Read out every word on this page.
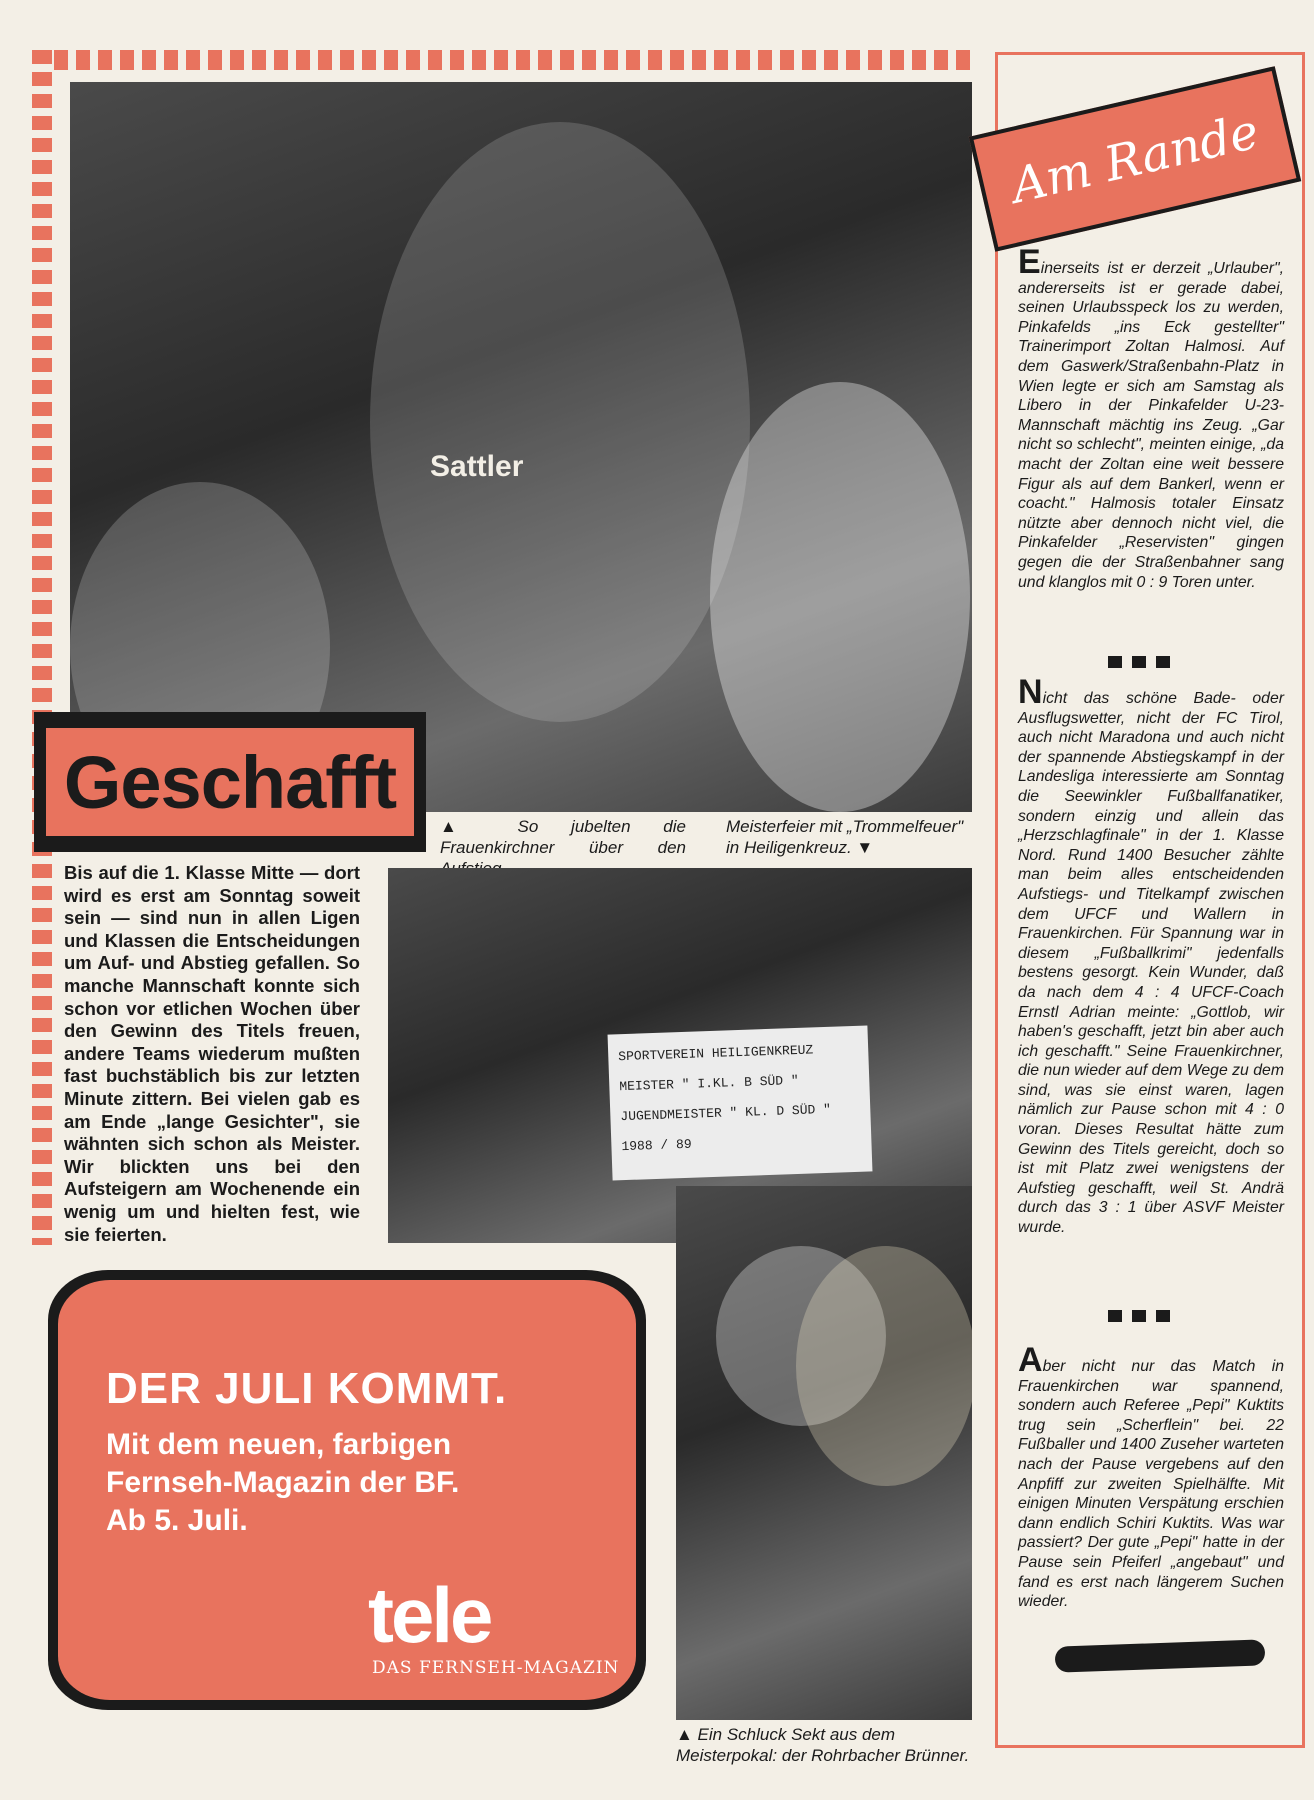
Sattler
Geschafft
▲ So jubelten die Frauenkirchner über den
Meisterfeier mit „Trommelfeuer" in Heiligenkreuz. ▼
Bis auf die 1. Klasse Mitte — dort wird es erst am Sonntag soweit sein — sind nun in allen Ligen und Klassen die Entscheidungen um Auf- und Abstieg gefallen. So manche Mannschaft konnte sich schon vor etlichen Wochen über den Gewinn des Titels freuen, andere Teams wiederum mußten fast buchstäblich bis zur letzten Minute zittern. Bei vielen gab es am Ende „lange Gesichter", sie wähnten sich schon als Meister. Wir blickten uns bei den Aufsteigern am Wochenende ein wenig um und hielten fest, wie sie feierten.
SPORTVEREIN HEILIGENKREUZ
MEISTER " I.KL. B SÜD "
JUGENDMEISTER " KL. D SÜD "
1988 / 89
▲ Ein Schluck Sekt aus dem Meisterpokal: der Rohrbacher Brünner.
DER JULI KOMMT.
Mit dem neuen, farbigen
Fernseh-Magazin der BF.
Ab 5. Juli.
tele
DAS FERNSEH-MAGAZIN
Am Rande
Einerseits ist er derzeit „Urlauber", andererseits ist er gerade dabei, seinen Urlaubsspeck los zu werden, Pinkafelds „ins Eck gestellter" Trainerimport Zoltan Halmosi. Auf dem Gaswerk/Straßenbahn-Platz in Wien legte er sich am Samstag als Libero in der Pinkafelder U-23-Mannschaft mächtig ins Zeug. „Gar nicht so schlecht", meinten einige, „da macht der Zoltan eine weit bessere Figur als auf dem Bankerl, wenn er coacht." Halmosis totaler Einsatz nützte aber dennoch nicht viel, die Pinkafelder „Reservisten" gingen gegen die der Straßenbahner sang und klanglos mit 0 : 9 Toren unter.
Nicht das schöne Bade- oder Ausflugswetter, nicht der FC Tirol, auch nicht Maradona und auch nicht der spannende Abstiegskampf in der Landesliga interessierte am Sonntag die Seewinkler Fußballfanatiker, sondern einzig und allein das „Herzschlagfinale" in der 1. Klasse Nord. Rund 1400 Besucher zählte man beim alles entscheidenden Aufstiegs- und Titelkampf zwischen dem UFCF und Wallern in Frauenkirchen. Für Spannung war in diesem „Fußballkrimi" jedenfalls bestens gesorgt. Kein Wunder, daß da nach dem 4 : 4 UFCF-Coach Ernstl Adrian meinte: „Gottlob, wir haben's geschafft, jetzt bin aber auch ich geschafft." Seine Frauenkirchner, die nun wieder auf dem Wege zu dem sind, was sie einst waren, lagen nämlich zur Pause schon mit 4 : 0 voran. Dieses Resultat hätte zum Gewinn des Titels gereicht, doch so ist mit Platz zwei wenigstens der Aufstieg geschafft, weil St. Andrä durch das 3 : 1 über ASVF Meister wurde.
Aber nicht nur das Match in Frauenkirchen war spannend, sondern auch Referee „Pepi" Kuktits trug sein „Scherflein" bei. 22 Fußballer und 1400 Zuseher warteten nach der Pause vergebens auf den Anpfiff zur zweiten Spielhälfte. Mit einigen Minuten Verspätung erschien dann endlich Schiri Kuktits. Was war passiert? Der gute „Pepi" hatte in der Pause sein Pfeiferl „angebaut" und fand es erst nach längerem Suchen wieder.
